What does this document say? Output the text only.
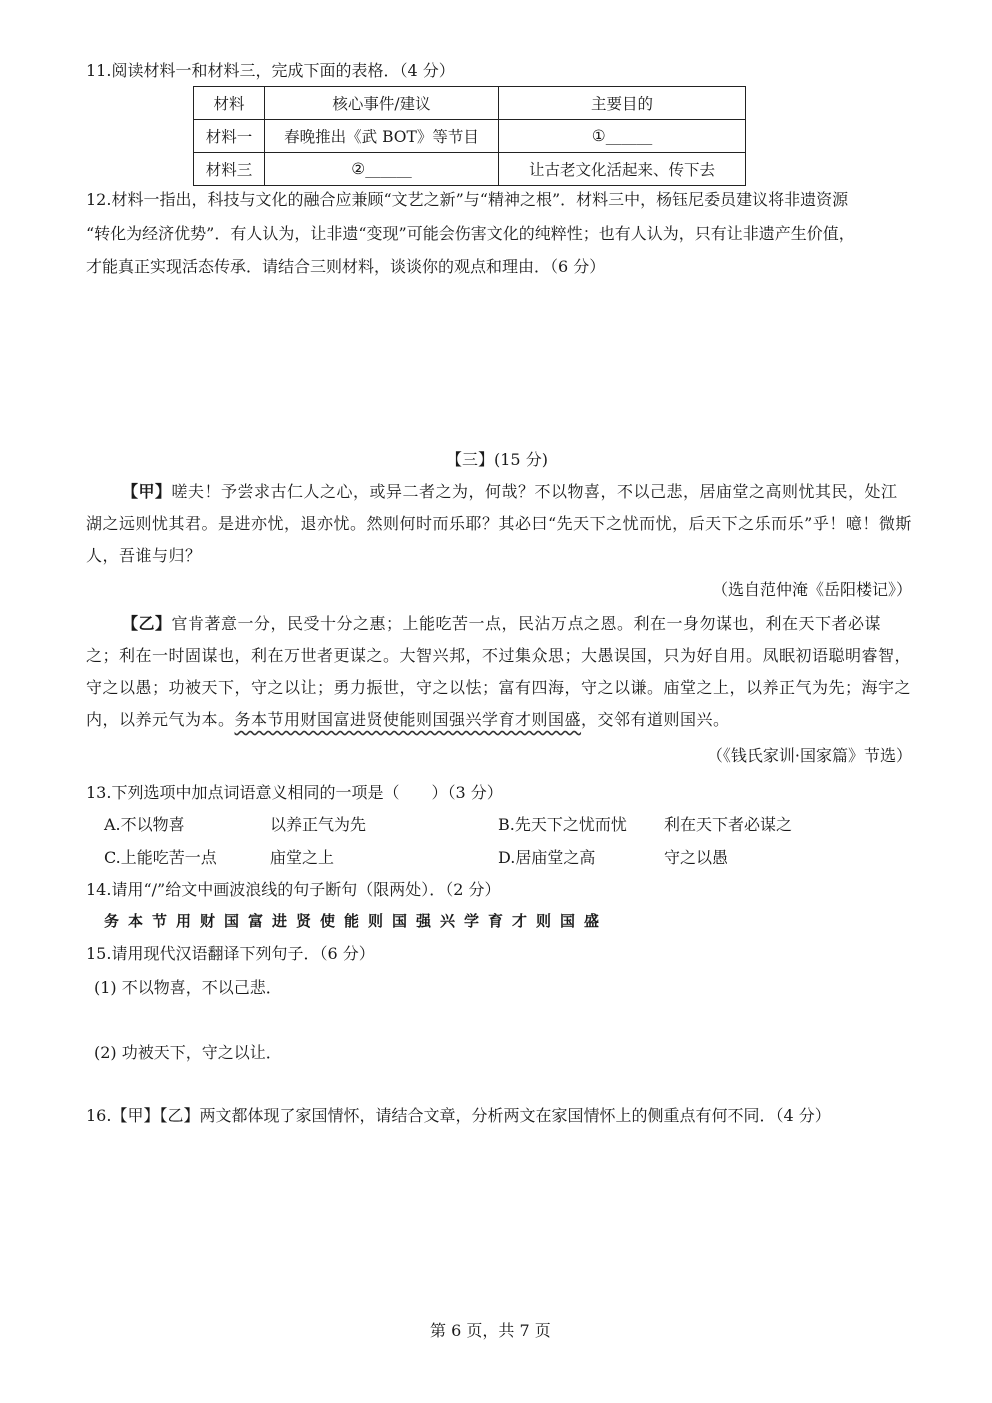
11.阅读材料一和材料三，完成下面的表格．（4 分）
材料	核心事件/建议	主要目的
材料一	春晚推出《武 BOT》等节目	①______
材料三	②______	让古老文化活起来、传下去
12.材料一指出，科技与文化的融合应兼顾“文艺之新”与“精神之根”．材料三中，杨钰尼委员建议将非遗资源
“转化为经济优势”．有人认为，让非遗“变现”可能会伤害文化的纯粹性；也有人认为，只有让非遗产生价值，
才能真正实现活态传承．请结合三则材料，谈谈你的观点和理由．（6 分）
【三】(15 分)
【甲】嗟夫！予尝求古仁人之心，或异二者之为，何哉？不以物喜，不以己悲，居庙堂之高则忧其民，处江湖之远则忧其君。是进亦忧，退亦忧。然则何时而乐耶？其必曰“先天下之忧而忧，后天下之乐而乐”乎！噫！微斯人，吾谁与归？
（选自范仲淹《岳阳楼记》）
【乙】官肯著意一分，民受十分之惠；上能吃苦一点，民沾万点之恩。利在一身勿谋也，利在天下者必谋之；利在一时固谋也，利在万世者更谋之。大智兴邦，不过集众思；大愚误国，只为好自用。凤眠初语聪明睿智，守之以愚；功被天下，守之以让；勇力振世，守之以怯；富有四海，守之以谦。庙堂之上，以养正气为先；海宇之内，以养元气为本。务本节用财国富进贤使能则国强兴学育才则国盛，交邻有道则国兴。
（《钱氏家训·国家篇》节选）
13.下列选项中加点词语意义相同的一项是（　　）（3 分）
A.不以物喜	以养正气为先	B.先天下之忧而忧 利在天下者必谋之
C.上能吃苦一点	庙堂之上	D.居庙堂之高	守之以愚
14.请用“/”给文中画波浪线的句子断句（限两处）．（2 分）
务本节用财国富进贤使能则国强兴学育才则国盛
15.请用现代汉语翻译下列句子．（6 分）
(1) 不以物喜，不以己悲．
(2) 功被天下，守之以让．
16.【甲】【乙】两文都体现了家国情怀，请结合文章，分析两文在家国情怀上的侧重点有何不同．（4 分）
第 6 页，共 7 页
